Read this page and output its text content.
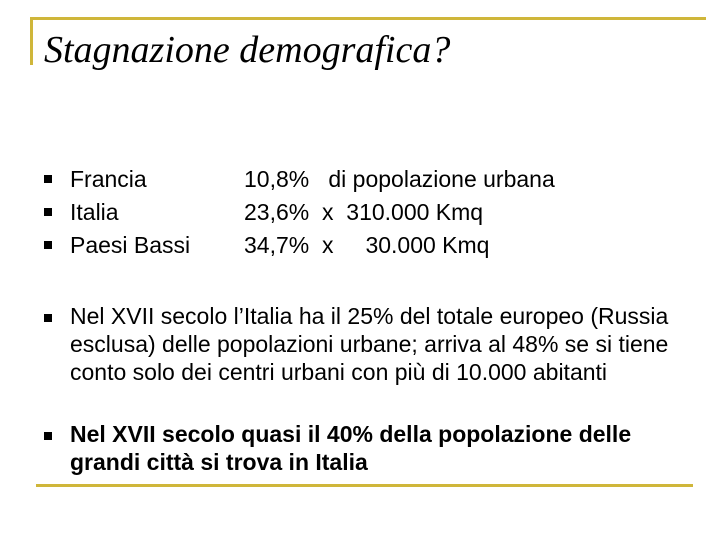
Stagnazione demografica?
Francia	10,8%   di popolazione urbana
Italia	23,6%  x  310.000 Kmq
Paesi Bassi 34,7%  x     30.000 Kmq
Nel XVII secolo l’Italia ha il 25% del totale europeo (Russia esclusa) delle popolazioni urbane; arriva al 48% se si tiene conto solo dei centri urbani con più di 10.000 abitanti
Nel XVII secolo quasi il 40% della popolazione delle grandi città si trova in Italia
